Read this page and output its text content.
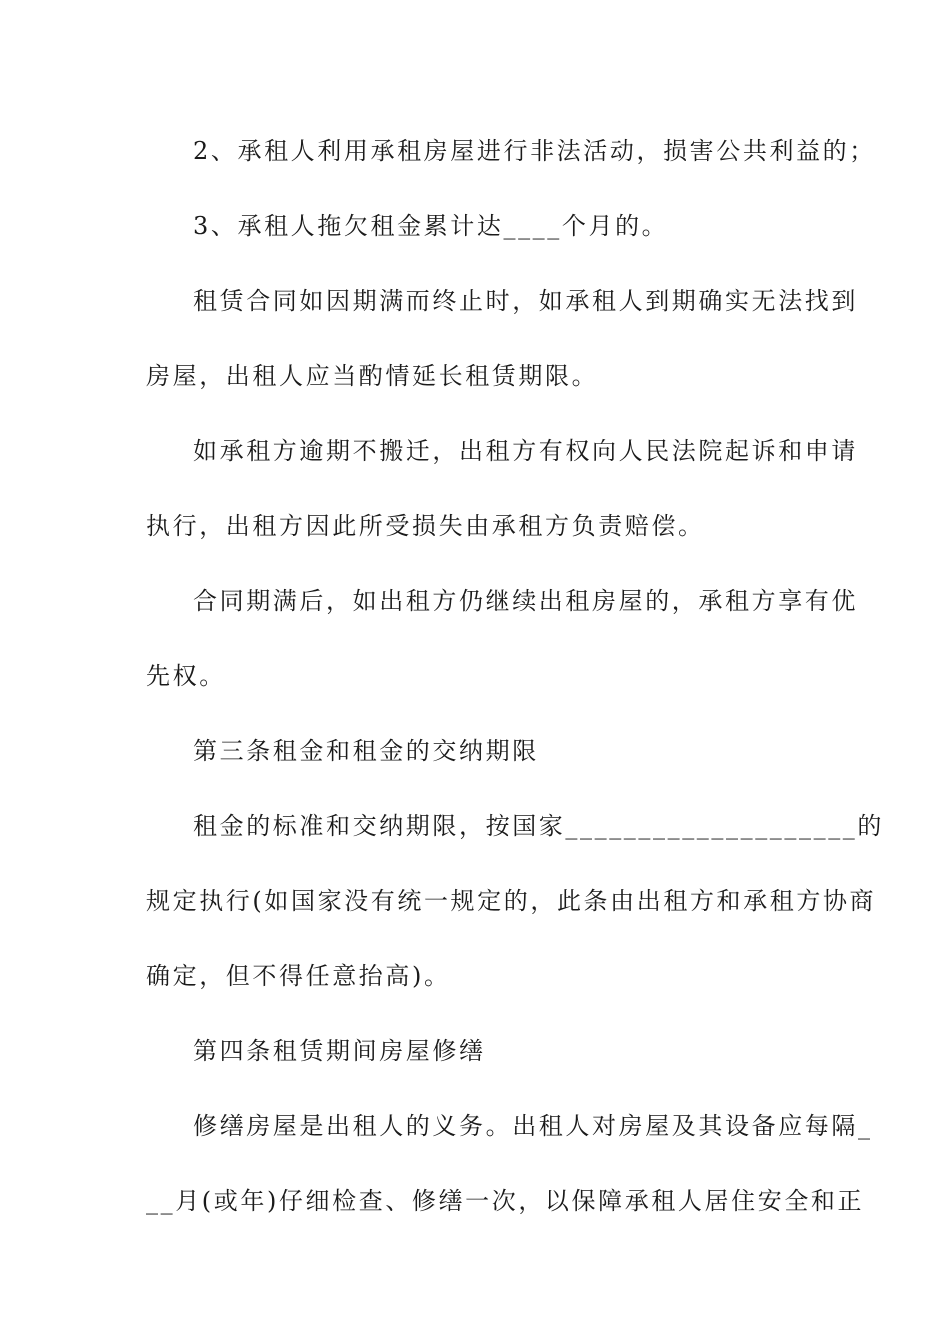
2、承租人利用承租房屋进行非法活动，损害公共利益的；
3、承租人拖欠租金累计达____个月的。
租赁合同如因期满而终止时，如承租人到期确实无法找到
房屋，出租人应当酌情延长租赁期限。
如承租方逾期不搬迁，出租方有权向人民法院起诉和申请
执行，出租方因此所受损失由承租方负责赔偿。
合同期满后，如出租方仍继续出租房屋的，承租方享有优
先权。
第三条租金和租金的交纳期限
租金的标准和交纳期限，按国家____________________的
规定执行(如国家没有统一规定的，此条由出租方和承租方协商
确定，但不得任意抬高)。
第四条租赁期间房屋修缮
修缮房屋是出租人的义务。出租人对房屋及其设备应每隔_
__月(或年)仔细检查、修缮一次，以保障承租人居住安全和正
